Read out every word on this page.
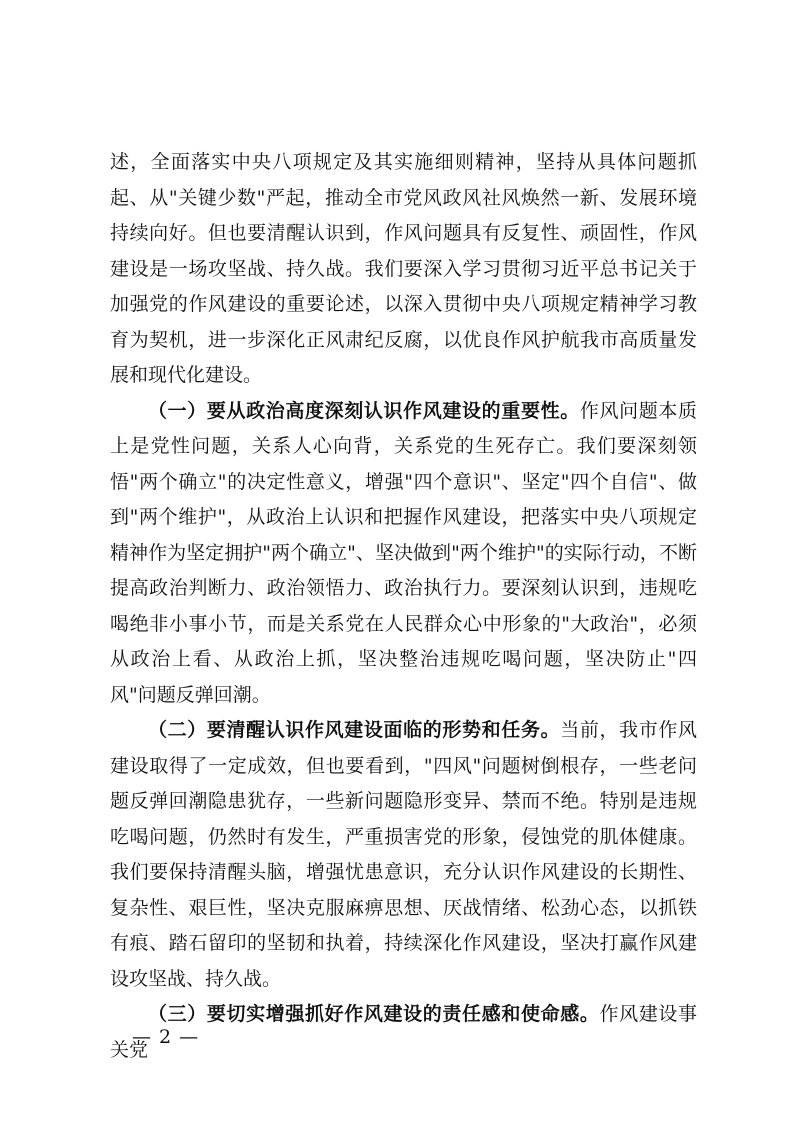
述，全面落实中央八项规定及其实施细则精神，坚持从具体问题抓起、从"关键少数"严起，推动全市党风政风社风焕然一新、发展环境持续向好。但也要清醒认识到，作风问题具有反复性、顽固性，作风建设是一场攻坚战、持久战。我们要深入学习贯彻习近平总书记关于加强党的作风建设的重要论述，以深入贯彻中央八项规定精神学习教育为契机，进一步深化正风肃纪反腐，以优良作风护航我市高质量发展和现代化建设。

（一）要从政治高度深刻认识作风建设的重要性。作风问题本质上是党性问题，关系人心向背，关系党的生死存亡。我们要深刻领悟"两个确立"的决定性意义，增强"四个意识"、坚定"四个自信"、做到"两个维护"，从政治上认识和把握作风建设，把落实中央八项规定精神作为坚定拥护"两个确立"、坚决做到"两个维护"的实际行动，不断提高政治判断力、政治领悟力、政治执行力。要深刻认识到，违规吃喝绝非小事小节，而是关系党在人民群众心中形象的"大政治"，必须从政治上看、从政治上抓，坚决整治违规吃喝问题，坚决防止"四风"问题反弹回潮。

（二）要清醒认识作风建设面临的形势和任务。当前，我市作风建设取得了一定成效，但也要看到，"四风"问题树倒根存，一些老问题反弹回潮隐患犹存，一些新问题隐形变异、禁而不绝。特别是违规吃喝问题，仍然时有发生，严重损害党的形象，侵蚀党的肌体健康。我们要保持清醒头脑，增强忧患意识，充分认识作风建设的长期性、复杂性、艰巨性，坚决克服麻痹思想、厌战情绪、松劲心态，以抓铁有痕、踏石留印的坚韧和执着，持续深化作风建设，坚决打赢作风建设攻坚战、持久战。

（三）要切实增强抓好作风建设的责任感和使命感。作风建设事关党

— 2 —
